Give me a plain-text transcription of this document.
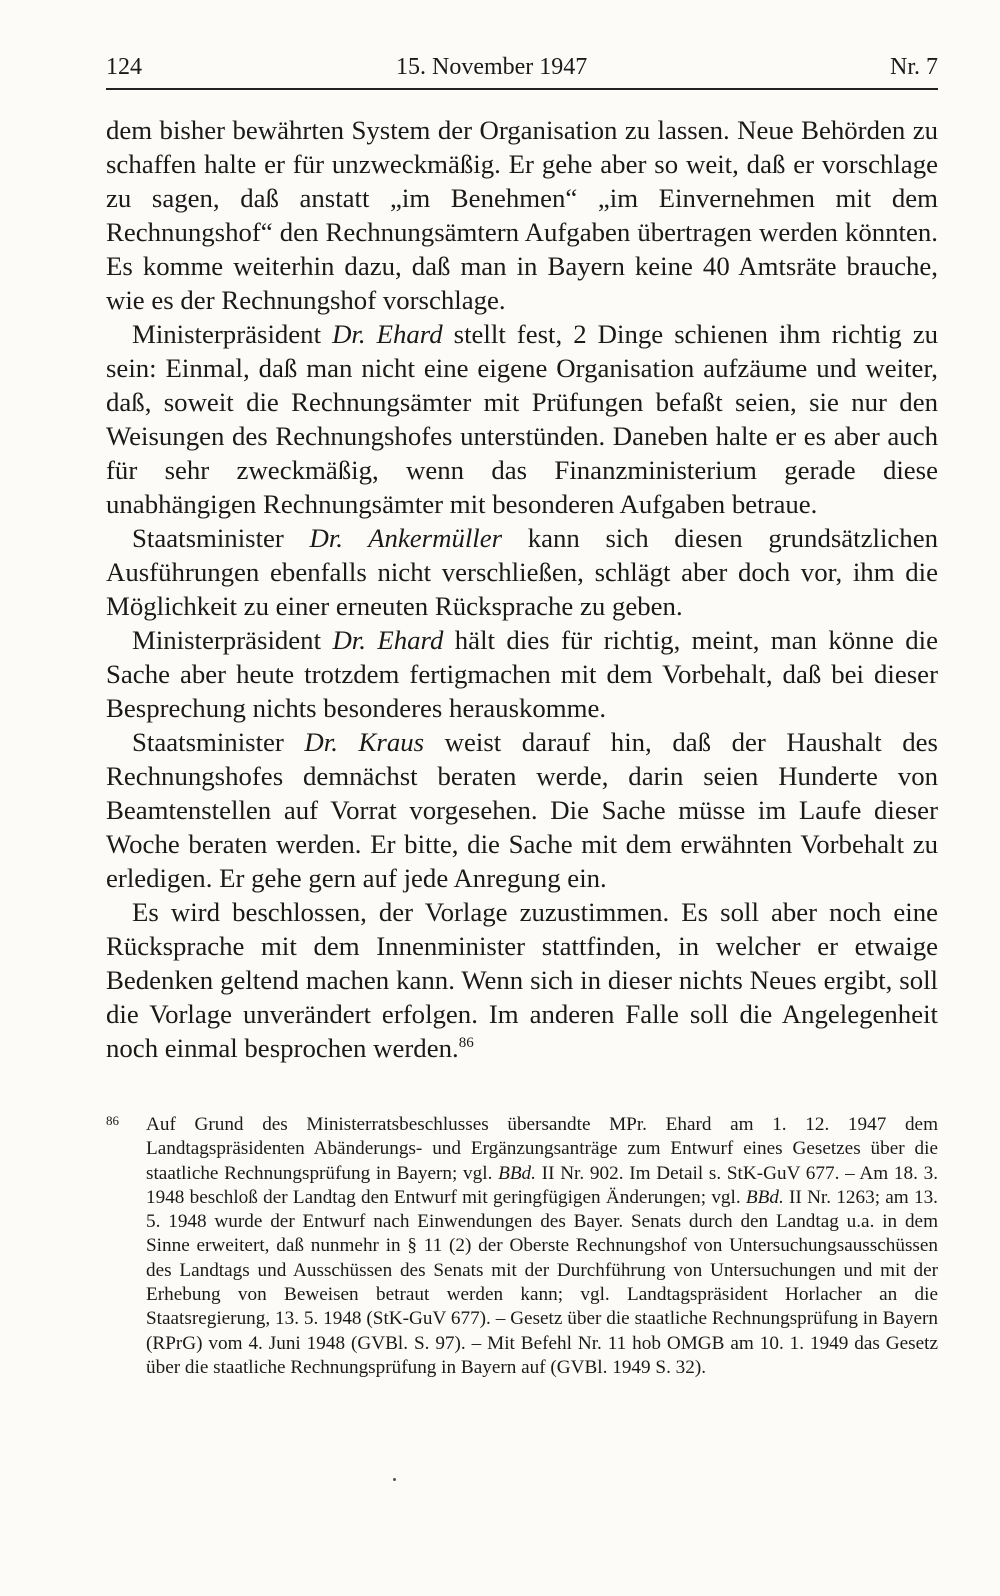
124	15. November 1947	Nr. 7

dem bisher bewährten System der Organisation zu lassen. Neue Behörden zu schaffen halte er für unzweckmäßig. Er gehe aber so weit, daß er vorschlage zu sagen, daß anstatt „im Benehmen“ „im Einvernehmen mit dem Rechnungshof“ den Rechnungsämtern Aufgaben übertragen werden könnten. Es komme weiterhin dazu, daß man in Bayern keine 40 Amtsräte brauche, wie es der Rechnungshof vorschlage.

Ministerpräsident Dr. Ehard stellt fest, 2 Dinge schienen ihm richtig zu sein: Einmal, daß man nicht eine eigene Organisation aufzäume und weiter, daß, soweit die Rechnungsämter mit Prüfungen befaßt seien, sie nur den Weisungen des Rechnungshofes unterstünden. Daneben halte er es aber auch für sehr zweckmäßig, wenn das Finanzministerium gerade diese unabhängigen Rechnungsämter mit besonderen Aufgaben betraue.

Staatsminister Dr. Ankermüller kann sich diesen grundsätzlichen Ausführungen ebenfalls nicht verschließen, schlägt aber doch vor, ihm die Möglichkeit zu einer erneuten Rücksprache zu geben.

Ministerpräsident Dr. Ehard hält dies für richtig, meint, man könne die Sache aber heute trotzdem fertigmachen mit dem Vorbehalt, daß bei dieser Besprechung nichts besonderes herauskomme.

Staatsminister Dr. Kraus weist darauf hin, daß der Haushalt des Rechnungshofes demnächst beraten werde, darin seien Hunderte von Beamtenstellen auf Vorrat vorgesehen. Die Sache müsse im Laufe dieser Woche beraten werden. Er bitte, die Sache mit dem erwähnten Vorbehalt zu erledigen. Er gehe gern auf jede Anregung ein.

Es wird beschlossen, der Vorlage zuzustimmen. Es soll aber noch eine Rücksprache mit dem Innenminister stattfinden, in welcher er etwaige Bedenken geltend machen kann. Wenn sich in dieser nichts Neues ergibt, soll die Vorlage unverändert erfolgen. Im anderen Falle soll die Angelegenheit noch einmal besprochen werden.$^{86}$

86 Auf Grund des Ministerratsbeschlusses übersandte MPr. Ehard am 1. 12. 1947 dem Landtagspräsidenten Abänderungs- und Ergänzungsanträge zum Entwurf eines Gesetzes über die staatliche Rechnungsprüfung in Bayern; vgl. BBd. II Nr. 902. Im Detail s. StK-GuV 677. – Am 18. 3. 1948 beschloß der Landtag den Entwurf mit geringfügigen Änderungen; vgl. BBd. II Nr. 1263; am 13. 5. 1948 wurde der Entwurf nach Einwendungen des Bayer. Senats durch den Landtag u.a. in dem Sinne erweitert, daß nunmehr in § 11 (2) der Oberste Rechnungshof von Untersuchungsausschüssen des Landtags und Ausschüssen des Senats mit der Durchführung von Untersuchungen und mit der Erhebung von Beweisen betraut werden kann; vgl. Landtagspräsident Horlacher an die Staatsregierung, 13. 5. 1948 (StK-GuV 677). – Gesetz über die staatliche Rechnungsprüfung in Bayern (RPrG) vom 4. Juni 1948 (GVBl. S. 97). – Mit Befehl Nr. 11 hob OMGB am 10. 1. 1949 das Gesetz über die staatliche Rechnungsprüfung in Bayern auf (GVBl. 1949 S. 32).
